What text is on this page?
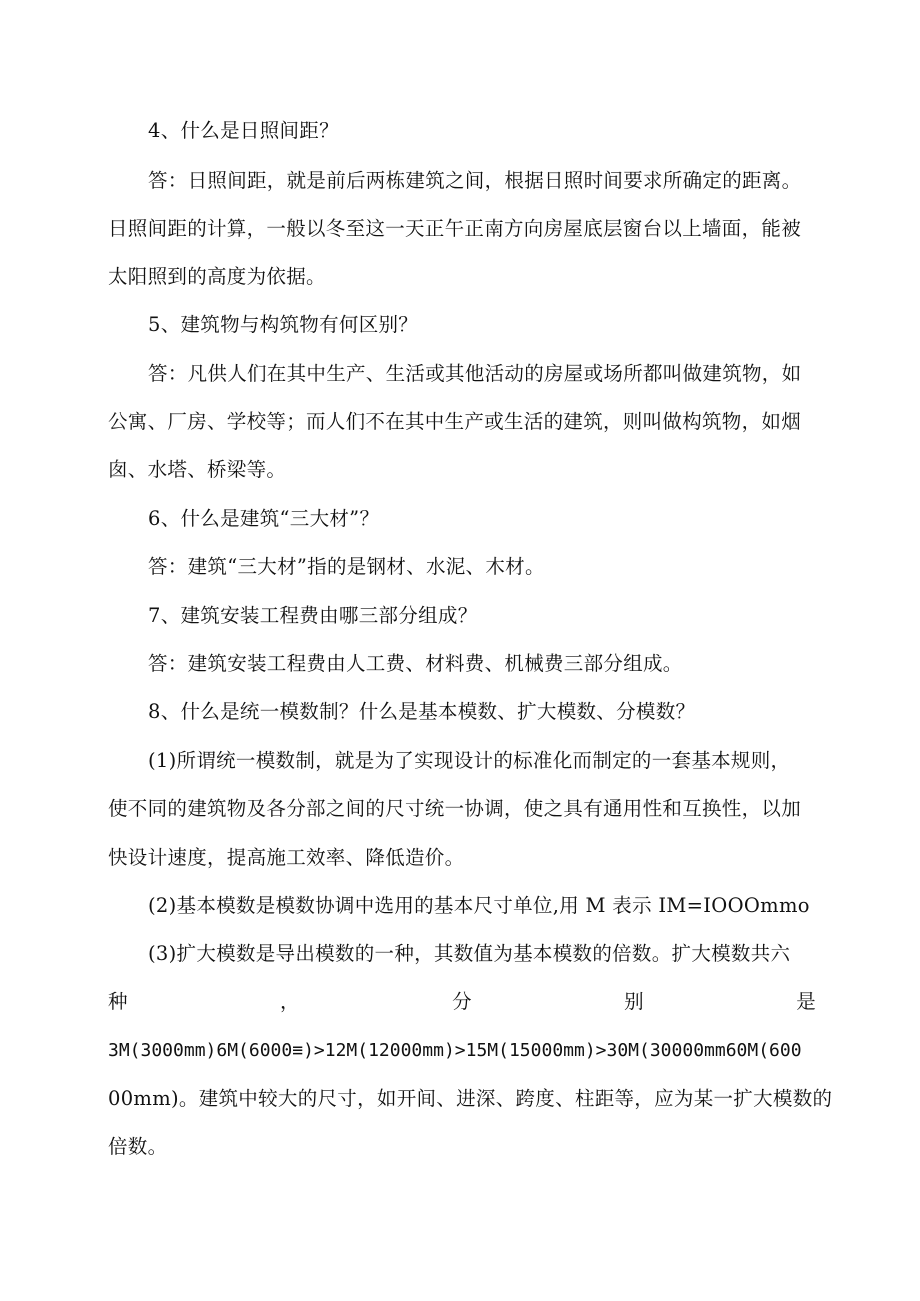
4、什么是日照间距？
答：日照间距，就是前后两栋建筑之间，根据日照时间要求所确定的距离。
日照间距的计算，一般以冬至这一天正午正南方向房屋底层窗台以上墙面，能被
太阳照到的高度为依据。
5、建筑物与构筑物有何区别？
答：凡供人们在其中生产、生活或其他活动的房屋或场所都叫做建筑物，如
公寓、厂房、学校等；而人们不在其中生产或生活的建筑，则叫做构筑物，如烟
囱、水塔、桥梁等。
6、什么是建筑“三大材”？
答：建筑“三大材”指的是钢材、水泥、木材。
7、建筑安装工程费由哪三部分组成？
答：建筑安装工程费由人工费、材料费、机械费三部分组成。
8、什么是统一模数制？什么是基本模数、扩大模数、分模数？
(1)所谓统一模数制，就是为了实现设计的标准化而制定的一套基本规则，
使不同的建筑物及各分部之间的尺寸统一协调，使之具有通用性和互换性，以加
快设计速度，提高施工效率、降低造价。
(2)基本模数是模数协调中选用的基本尺寸单位,用 M 表示 IM=IOOOmmo
(3)扩大模数是导出模数的一种，其数值为基本模数的倍数。扩大模数共六
种	，	分	别	是
3M(3000mm)6M(6000≡)>12M(12000mm)>15M(15000mm)>30M(30000mm60M(600
00mm)。建筑中较大的尺寸，如开间、进深、跨度、柱距等，应为某一扩大模数的
倍数。
